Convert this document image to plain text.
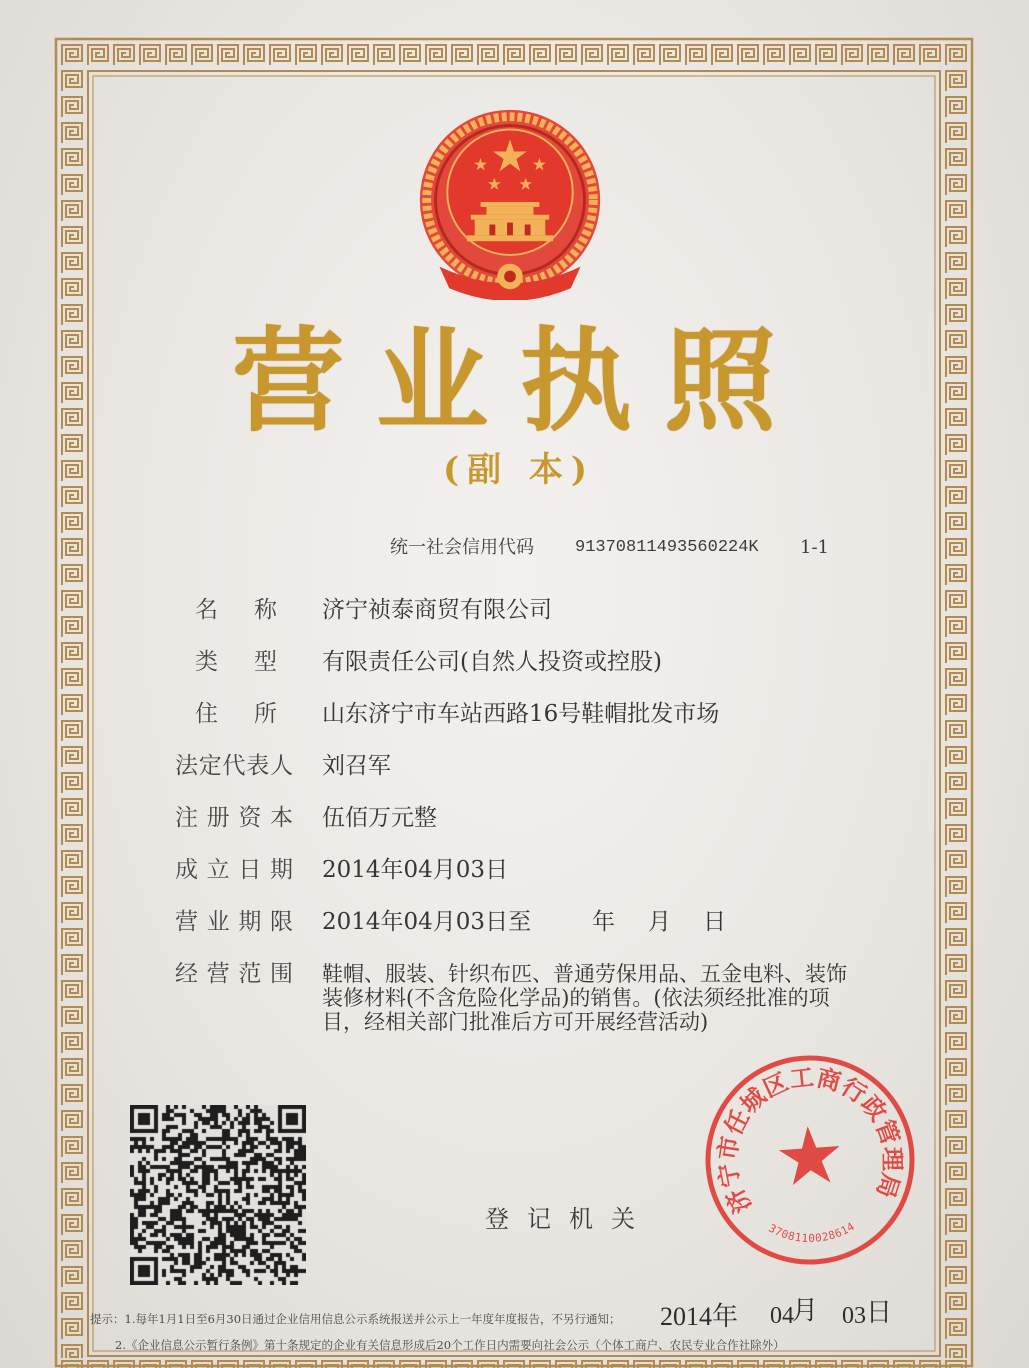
营业执照
(副 本)
统一社会信用代码 91370811493560224K 1-1
名称 济宁祯泰商贸有限公司
类型 有限责任公司(自然人投资或控股)
住所 山东济宁市车站西路16号鞋帽批发市场
法定代表人 刘召军
注册资本 伍佰万元整
成立日期 2014年04月03日
营业期限 2014年04月03日至	年 月 日
经营范围 鞋帽、服装、针织布匹、普通劳保用品、五金电料、装饰装修材料(不含危险化学品)的销售。(依法须经批准的项目，经相关部门批准后方可开展经营活动)
登记机关
济宁市任城区工商行政管理局
3708110028614
2014年 04
月 03 日
提示：1.每年1月1日至6月30日通过企业信用信息公示系统报送并公示上一年度年度报告，不另行通知；
2.《企业信息公示暂行条例》第十条规定的企业有关信息形成后20个工作日内需要向社会公示（个体工商户、农民专业合作社除外）
